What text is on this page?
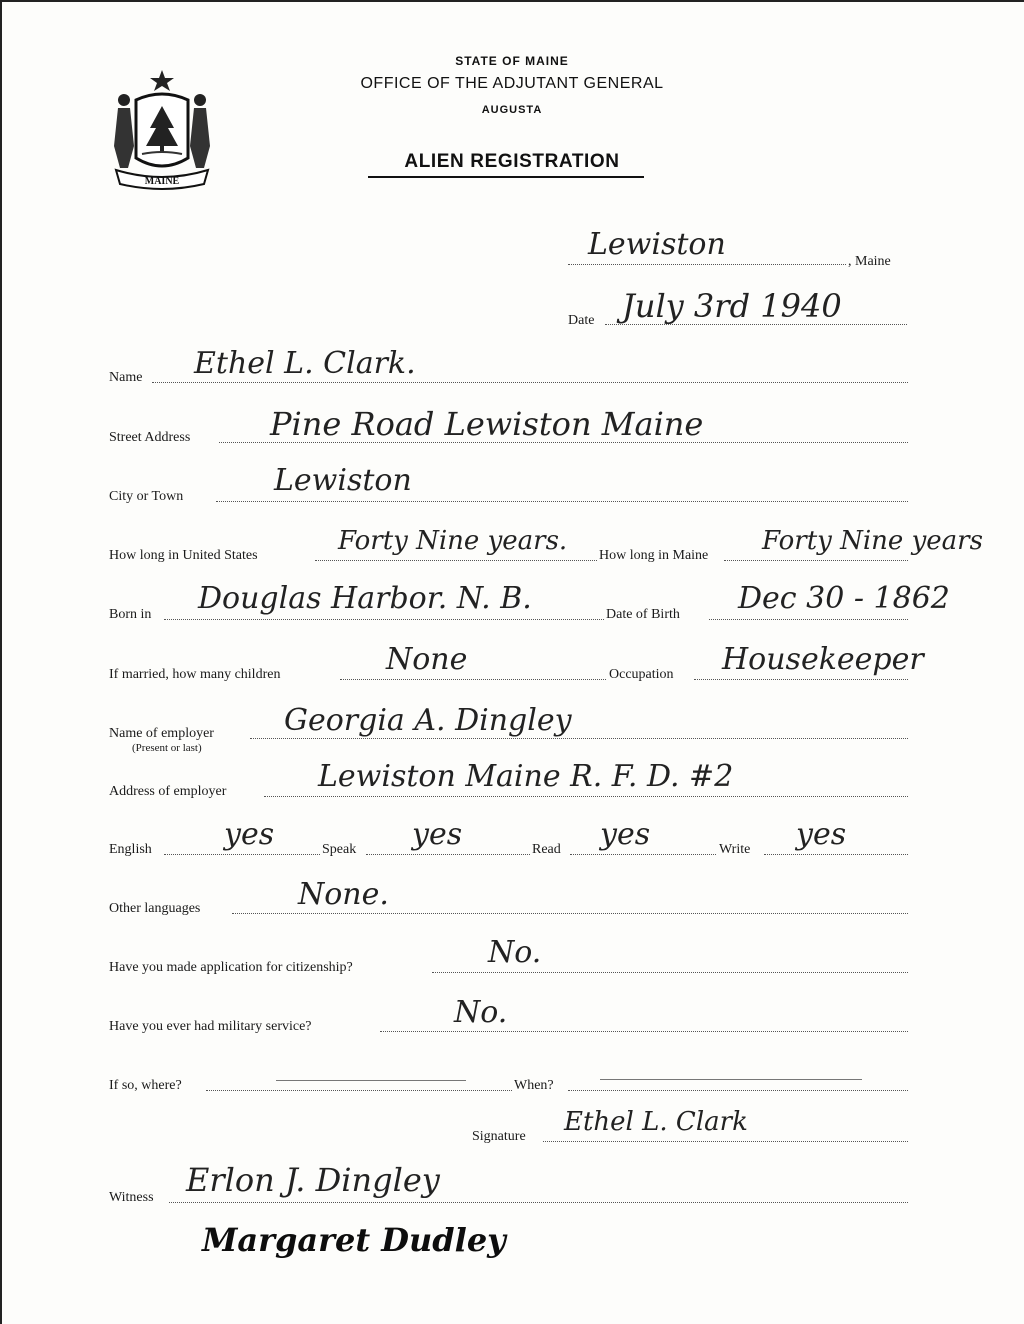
MAINE
STATE OF MAINE
OFFICE OF THE ADJUTANT GENERAL
AUGUSTA
ALIEN REGISTRATION
Lewiston	, Maine
Date July 3rd 1940
Name Ethel L. Clark.
Street Address Pine Road Lewiston Maine
City or Town	Lewiston
How long in United States	Forty Nine years. How long in Maine Forty Nine years
Born in Douglas Harbor. N. B.	Date of Birth Dec 30 - 1862
If married, how many children	None	Occupation Housekeeper
Name of employer
(Present or last)
Georgia A. Dingley
Address of employer	Lewiston Maine R. F. D. #2
English yes	Speak yes	Read yes	Write yes
Other languages	None.
Have you made application for citizenship?	No.
Have you ever had military service?	No.
If so, where?	When?
Signature Ethel L. Clark
Witness Erlon J. Dingley
Margaret Dudley
